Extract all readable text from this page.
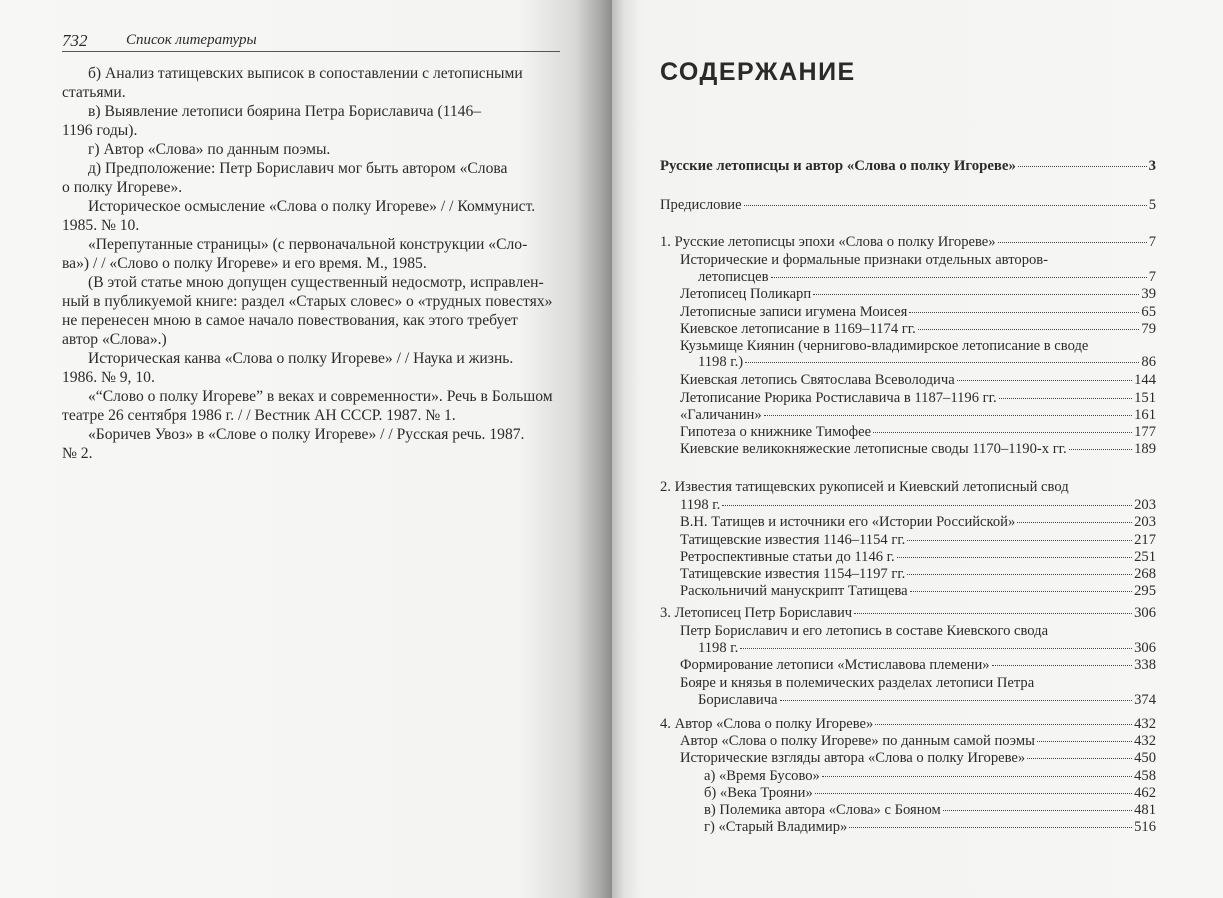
732	Список литературы
б) Анализ татищевских выписок в сопоставлении с летописными
статьями.
в) Выявление летописи боярина Петра Бориславича (1146–
1196 годы).
г) Автор «Слова» по данным поэмы.
д) Предположение: Петр Бориславич мог быть автором «Слова
о полку Игореве».
Историческое осмысление «Слова о полку Игореве» / / Коммунист.
1985. № 10.
«Перепутанные страницы» (с первоначальной конструкции «Сло-
ва») / / «Слово о полку Игореве» и его время. М., 1985.
(В этой статье мною допущен существенный недосмотр, исправлен-
ный в публикуемой книге: раздел «Старых словес» о «трудных повестях»
не перенесен мною в самое начало повествования, как этого требует
автор «Слова».)
Историческая канва «Слова о полку Игореве» / / Наука и жизнь.
1986. № 9, 10.
«“Слово о полку Игореве” в веках и современности». Речь в Большом
театре 26 сентября 1986 г. / / Вестник АН СССР. 1987. № 1.
«Боричев Увоз» в «Слове о полку Игореве» / / Русская речь. 1987.
№ 2.
СОДЕРЖАНИЕ
Русские летописцы и автор «Слова о полку Игореве»	3
Предисловие	5
1. Русские летописцы эпохи «Слова о полку Игореве»	7
Исторические и формальные признаки отдельных авторов-
летописцев	7
Летописец Поликарп	39
Летописные записи игумена Моисея	65
Киевское летописание в 1169–1174 гг.	79
Кузьмище Киянин (чернигово-владимирское летописание в своде
1198 г.)	86
Киевская летопись Святослава Всеволодича	144
Летописание Рюрика Ростиславича в 1187–1196 гг.	151
«Галичанин»	161
Гипотеза о книжнике Тимофее	177
Киевские великокняжеские летописные своды 1170–1190-х гг.	189
2. Известия татищевских рукописей и Киевский летописный свод
1198 г.	203
В.Н. Татищев и источники его «Истории Российской»	203
Татищевские известия 1146–1154 гг.	217
Ретроспективные статьи до 1146 г.	251
Татищевские известия 1154–1197 гг.	268
Раскольничий манускрипт Татищева	295
3. Летописец Петр Бориславич	306
Петр Бориславич и его летопись в составе Киевского свода
1198 г.	306
Формирование летописи «Мстиславова племени»	338
Бояре и князья в полемических разделах летописи Петра
Бориславича	374
4. Автор «Слова о полку Игореве»	432
Автор «Слова о полку Игореве» по данным самой поэмы	432
Исторические взгляды автора «Слова о полку Игореве»	450
а) «Время Бусово»	458
б) «Века Трояни»	462
в) Полемика автора «Слова» с Бояном	481
г) «Старый Владимир»	516
